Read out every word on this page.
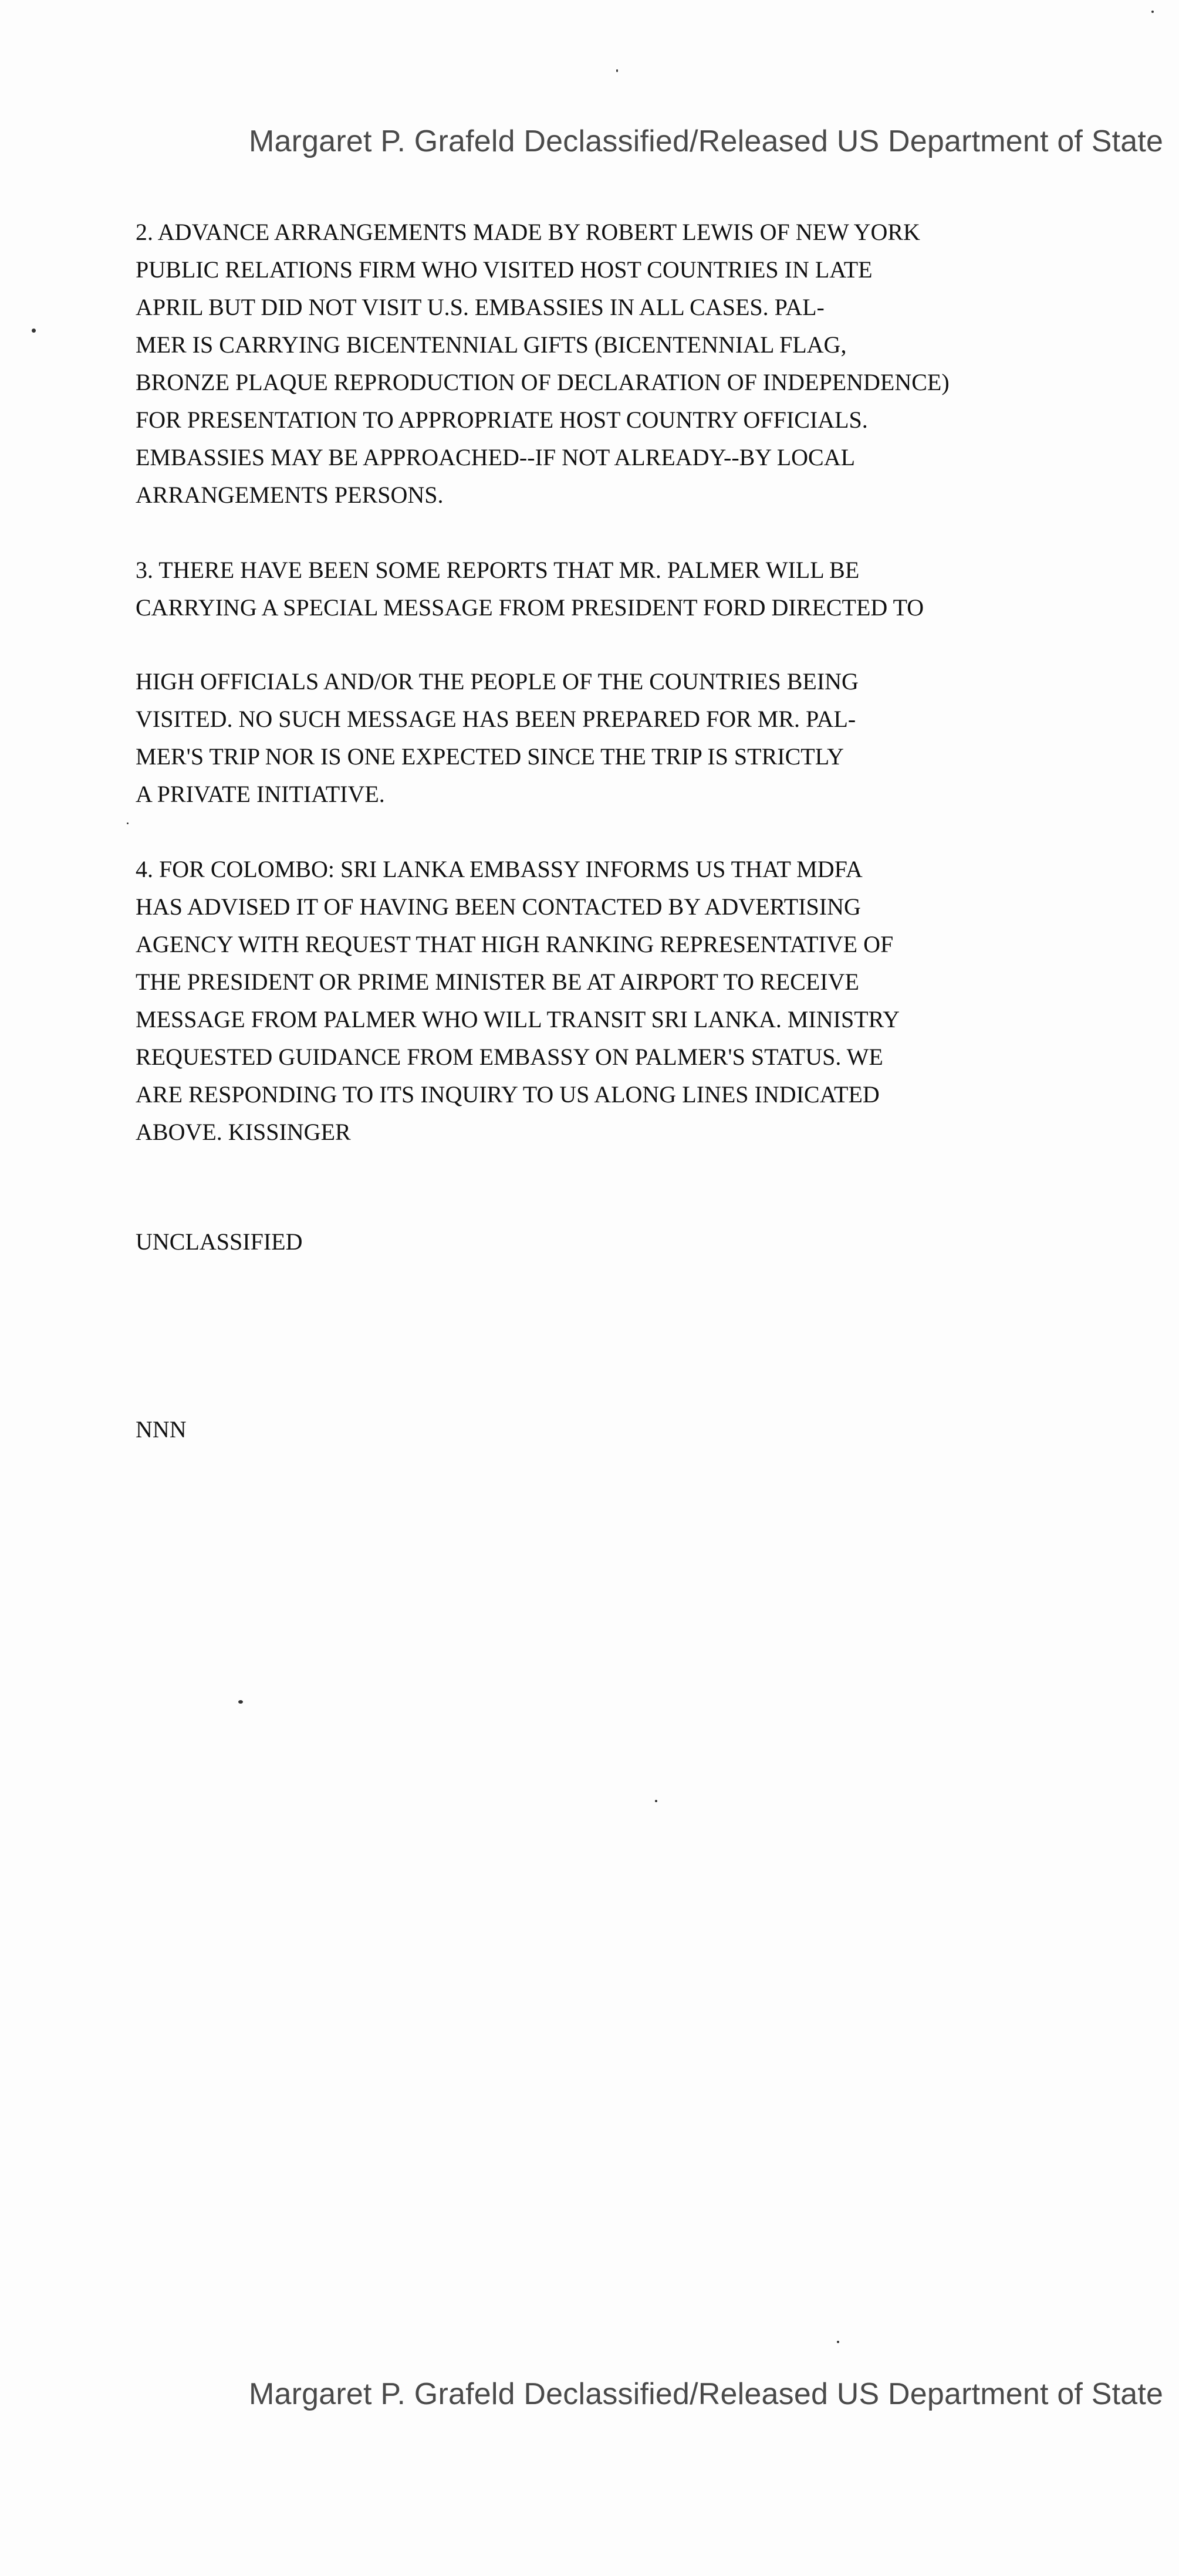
Margaret P. Grafeld Declassified/Released US Department of State
2. ADVANCE ARRANGEMENTS MADE BY ROBERT LEWIS OF NEW YORK
PUBLIC RELATIONS FIRM WHO VISITED HOST COUNTRIES IN LATE
APRIL BUT DID NOT VISIT U.S. EMBASSIES IN ALL CASES. PAL-
MER IS CARRYING BICENTENNIAL GIFTS (BICENTENNIAL FLAG,
BRONZE PLAQUE REPRODUCTION OF DECLARATION OF INDEPENDENCE)
FOR PRESENTATION TO APPROPRIATE HOST COUNTRY OFFICIALS.
EMBASSIES MAY BE APPROACHED--IF NOT ALREADY--BY LOCAL
ARRANGEMENTS PERSONS.
3. THERE HAVE BEEN SOME REPORTS THAT MR. PALMER WILL BE
CARRYING A SPECIAL MESSAGE FROM PRESIDENT FORD DIRECTED TO
HIGH OFFICIALS AND/OR THE PEOPLE OF THE COUNTRIES BEING
VISITED. NO SUCH MESSAGE HAS BEEN PREPARED FOR MR. PAL-
MER'S TRIP NOR IS ONE EXPECTED SINCE THE TRIP IS STRICTLY
A PRIVATE INITIATIVE.
4. FOR COLOMBO: SRI LANKA EMBASSY INFORMS US THAT MDFA
HAS ADVISED IT OF HAVING BEEN CONTACTED BY ADVERTISING
AGENCY WITH REQUEST THAT HIGH RANKING REPRESENTATIVE OF
THE PRESIDENT OR PRIME MINISTER BE AT AIRPORT TO RECEIVE
MESSAGE FROM PALMER WHO WILL TRANSIT SRI LANKA. MINISTRY
REQUESTED GUIDANCE FROM EMBASSY ON PALMER'S STATUS. WE
ARE RESPONDING TO ITS INQUIRY TO US ALONG LINES INDICATED
ABOVE. KISSINGER
UNCLASSIFIED
NNN
Margaret P. Grafeld Declassified/Released US Department of State
